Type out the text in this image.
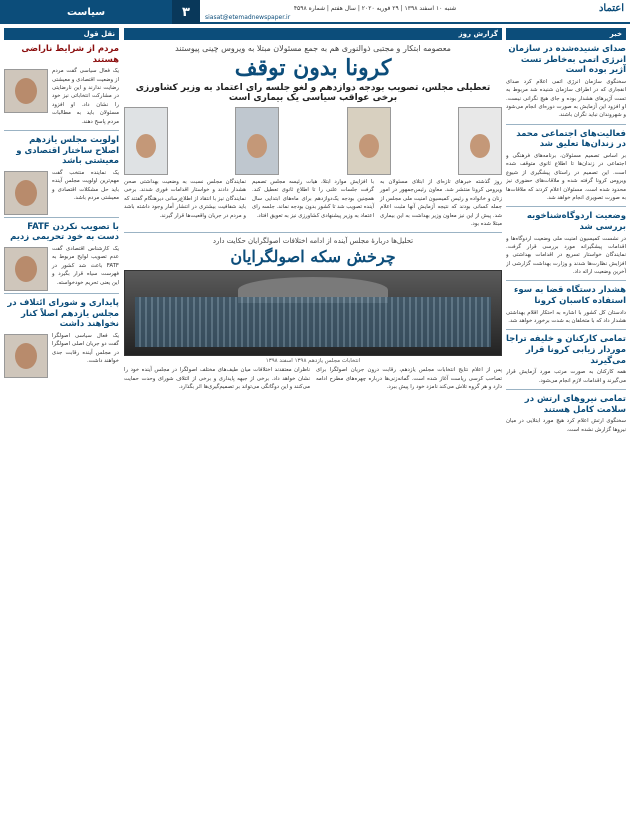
۳
سیاست	شنبه ۱۰ اسفند ۱۳۹۸ | ۲۹ فوریه ۲۰۲۰ | سال هفتم | شماره ۴۵۹۸
siasat@etemadnewspaper.ir
اعتماد
خبر
صدای شنیده‌شده در سازمان انرژی اتمی به‌خاطر تست آژیر بوده است
سخنگوی سازمان انرژی اتمی اعلام کرد صدای انفجاری که در اطراف سازمان شنیده شد مربوط به تست آژیرهای هشدار بوده و جای هیچ نگرانی نیست. او افزود این آزمایش به صورت دوره‌ای انجام می‌شود و شهروندان نباید نگران باشند.
فعالیت‌های اجتماعی محمد در زندان‌ها تعلیق شد
بر اساس تصمیم مسئولان، برنامه‌های فرهنگی و اجتماعی در زندان‌ها تا اطلاع ثانوی متوقف شده است. این تصمیم در راستای پیشگیری از شیوع ویروس کرونا گرفته شده و ملاقات‌های حضوری نیز محدود شده است. مسئولان اعلام کردند که ملاقات‌ها به صورت تصویری انجام خواهد شد.
وضعیت اردوگاه‌شناخوبه بررسی شد
در نشست کمیسیون امنیت ملی وضعیت اردوگاه‌ها و اقدامات پیشگیرانه مورد بررسی قرار گرفت. نمایندگان خواستار تسریع در اقدامات بهداشتی و افزایش نظارت‌ها شدند و وزارت بهداشت گزارشی از آخرین وضعیت ارائه داد.
هشدار دستگاه قضا به سوء استفاده کاسبان کرونا
دادستان کل کشور با اشاره به احتکار اقلام بهداشتی هشدار داد که با متخلفان به شدت برخورد خواهد شد.
تمامی کارکنان و خلیفه تراجا موردار زیابی کرونا قرار می‌گیرند
همه کارکنان به صورت مرتب مورد آزمایش قرار می‌گیرند و اقدامات لازم انجام می‌شود.
تمامی نیروهای ارتش در سلامت کامل هستند
سخنگوی ارتش اعلام کرد هیچ مورد ابتلایی در میان نیروها گزارش نشده است.
گزارش روز
معصومه ابتکار و مجتبی ذوالنوری هم به جمع مسئولان مبتلا به ویروس چینی پیوستند
کرونا بدون توقف
تعطیلی مجلس، تصویب بودجه دوازدهم و لغو جلسه رای اعتماد به وزیر کشاورزی برخی عواقب سیاسی یک بیماری است
روز گذشته خبرهای تازه‌ای از ابتلای مسئولان به ویروس کرونا منتشر شد. معاون رئیس‌جمهور در امور زنان و خانواده و رئیس کمیسیون امنیت ملی مجلس از جمله کسانی بودند که نتیجه آزمایش آنها مثبت اعلام شد. پیش از این نیز معاون وزیر بهداشت به این بیماری مبتلا شده بود.
با افزایش موارد ابتلا، هیات رئیسه مجلس تصمیم گرفت جلسات علنی را تا اطلاع ثانوی تعطیل کند. همچنین بودجه یک‌دوازدهم برای ماه‌های ابتدایی سال آینده تصویب شد تا کشور بدون بودجه نماند. جلسه رای اعتماد به وزیر پیشنهادی کشاورزی نیز به تعویق افتاد.
نمایندگان مجلس نسبت به وضعیت بهداشتی صحن هشدار دادند و خواستار اقدامات فوری شدند. برخی نمایندگان نیز با انتقاد از اطلاع‌رسانی دیرهنگام گفتند که باید شفافیت بیشتری در انتشار آمار وجود داشته باشد و مردم در جریان واقعیت‌ها قرار گیرند.
تحلیل‌ها دربارهٔ مجلس آینده از ادامه اختلافات اصولگرایان حکایت دارد
چرخش سکه اصولگرایان
انتخابات مجلس یازدهم ۱۳۹۸ اسفند ۱۳۹۸
پس از اعلام نتایج انتخابات مجلس یازدهم، رقابت درون جریان اصولگرا برای تصاحب کرسی ریاست آغاز شده است. گمانه‌زنی‌ها درباره چهره‌های مطرح ادامه دارد و هر گروه تلاش می‌کند نامزد خود را پیش ببرد.
ناظران معتقدند اختلافات میان طیف‌های مختلف اصولگرا در مجلس آینده خود را نشان خواهد داد. برخی از جبهه پایداری و برخی از ائتلاف شورای وحدت حمایت می‌کنند و این دوگانگی می‌تواند بر تصمیم‌گیری‌ها اثر بگذارد.
نقل قول
مردم از شرایط ناراضی هستند
یک فعال سیاسی گفت مردم از وضعیت اقتصادی و معیشتی رضایت ندارند و این نارضایتی در مشارکت انتخاباتی نیز خود را نشان داد. او افزود مسئولان باید به مطالبات مردم پاسخ دهند.
اولویت مجلس یازدهم اصلاح ساختار اقتصادی و معیشتی باشد
یک نماینده منتخب گفت مهم‌ترین اولویت مجلس آینده باید حل مشکلات اقتصادی و معیشتی مردم باشد.
با تصویب نکردن FATF دست به خود تحریمی زدیم
یک کارشناس اقتصادی گفت عدم تصویب لوایح مربوط به FATF باعث شد کشور در فهرست سیاه قرار بگیرد و این یعنی تحریم خودخواسته.
پایداری و شورای ائتلاف در مجلس یازدهم اصلاً کنار نخواهند داشت
یک فعال سیاسی اصولگرا گفت دو جریان اصلی اصولگرا در مجلس آینده رقابت جدی خواهند داشت.
